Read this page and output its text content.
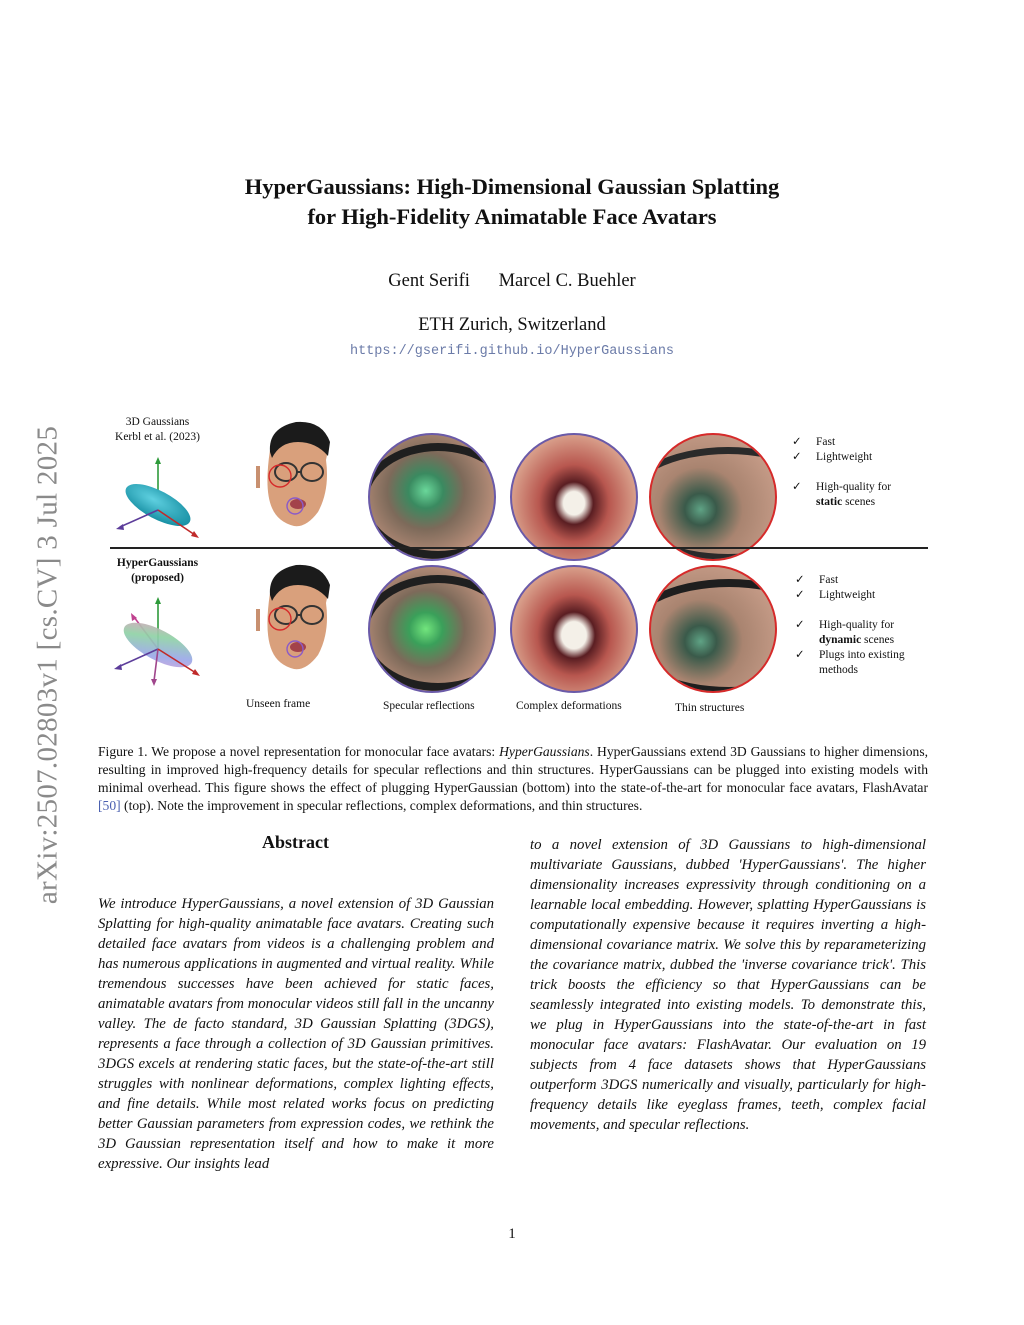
arXiv:2507.02803v1 [cs.CV] 3 Jul 2025
HyperGaussians: High-Dimensional Gaussian Splatting
for High-Fidelity Animatable Face Avatars
Gent Serifi Marcel C. Buehler
ETH Zurich, Switzerland
https://gserifi.github.io/HyperGaussians
3D Gaussians
Kerbl et al. (2023)	✓ Fast
✓ Lightweight
✓ High-quality for
static scenes
HyperGaussians
(proposed)	✓ Fast
✓ Lightweight
✓ High-quality for
dynamic scenes
✓ Plugs into existing
methods
Unseen frame	Specular reflections	Complex deformations	Thin structures
Figure 1. We propose a novel representation for monocular face avatars: HyperGaussians. HyperGaussians extend 3D Gaussians to higher dimensions, resulting in improved high-frequency details for specular reflections and thin structures. HyperGaussians can be plugged into existing models with minimal overhead. This figure shows the effect of plugging HyperGaussian (bottom) into the state-of-the-art for monocular face avatars, FlashAvatar [50] (top). Note the improvement in specular reflections, complex deformations, and thin structures.
Abstract
We introduce HyperGaussians, a novel extension of 3D Gaussian Splatting for high-quality animatable face avatars. Creating such detailed face avatars from videos is a challenging problem and has numerous applications in augmented and virtual reality. While tremendous successes have been achieved for static faces, animatable avatars from monocular videos still fall in the uncanny valley. The de facto standard, 3D Gaussian Splatting (3DGS), represents a face through a collection of 3D Gaussian primitives. 3DGS excels at rendering static faces, but the state-of-the-art still struggles with nonlinear deformations, complex lighting effects, and fine details. While most related works focus on predicting better Gaussian parameters from expression codes, we rethink the 3D Gaussian representation itself and how to make it more expressive. Our insights lead
to a novel extension of 3D Gaussians to high-dimensional multivariate Gaussians, dubbed 'HyperGaussians'. The higher dimensionality increases expressivity through conditioning on a learnable local embedding. However, splatting HyperGaussians is computationally expensive because it requires inverting a high-dimensional covariance matrix. We solve this by reparameterizing the covariance matrix, dubbed the 'inverse covariance trick'. This trick boosts the efficiency so that HyperGaussians can be seamlessly integrated into existing models. To demonstrate this, we plug in HyperGaussians into the state-of-the-art in fast monocular face avatars: FlashAvatar. Our evaluation on 19 subjects from 4 face datasets shows that HyperGaussians outperform 3DGS numerically and visually, particularly for high-frequency details like eyeglass frames, teeth, complex facial movements, and specular reflections.
1
